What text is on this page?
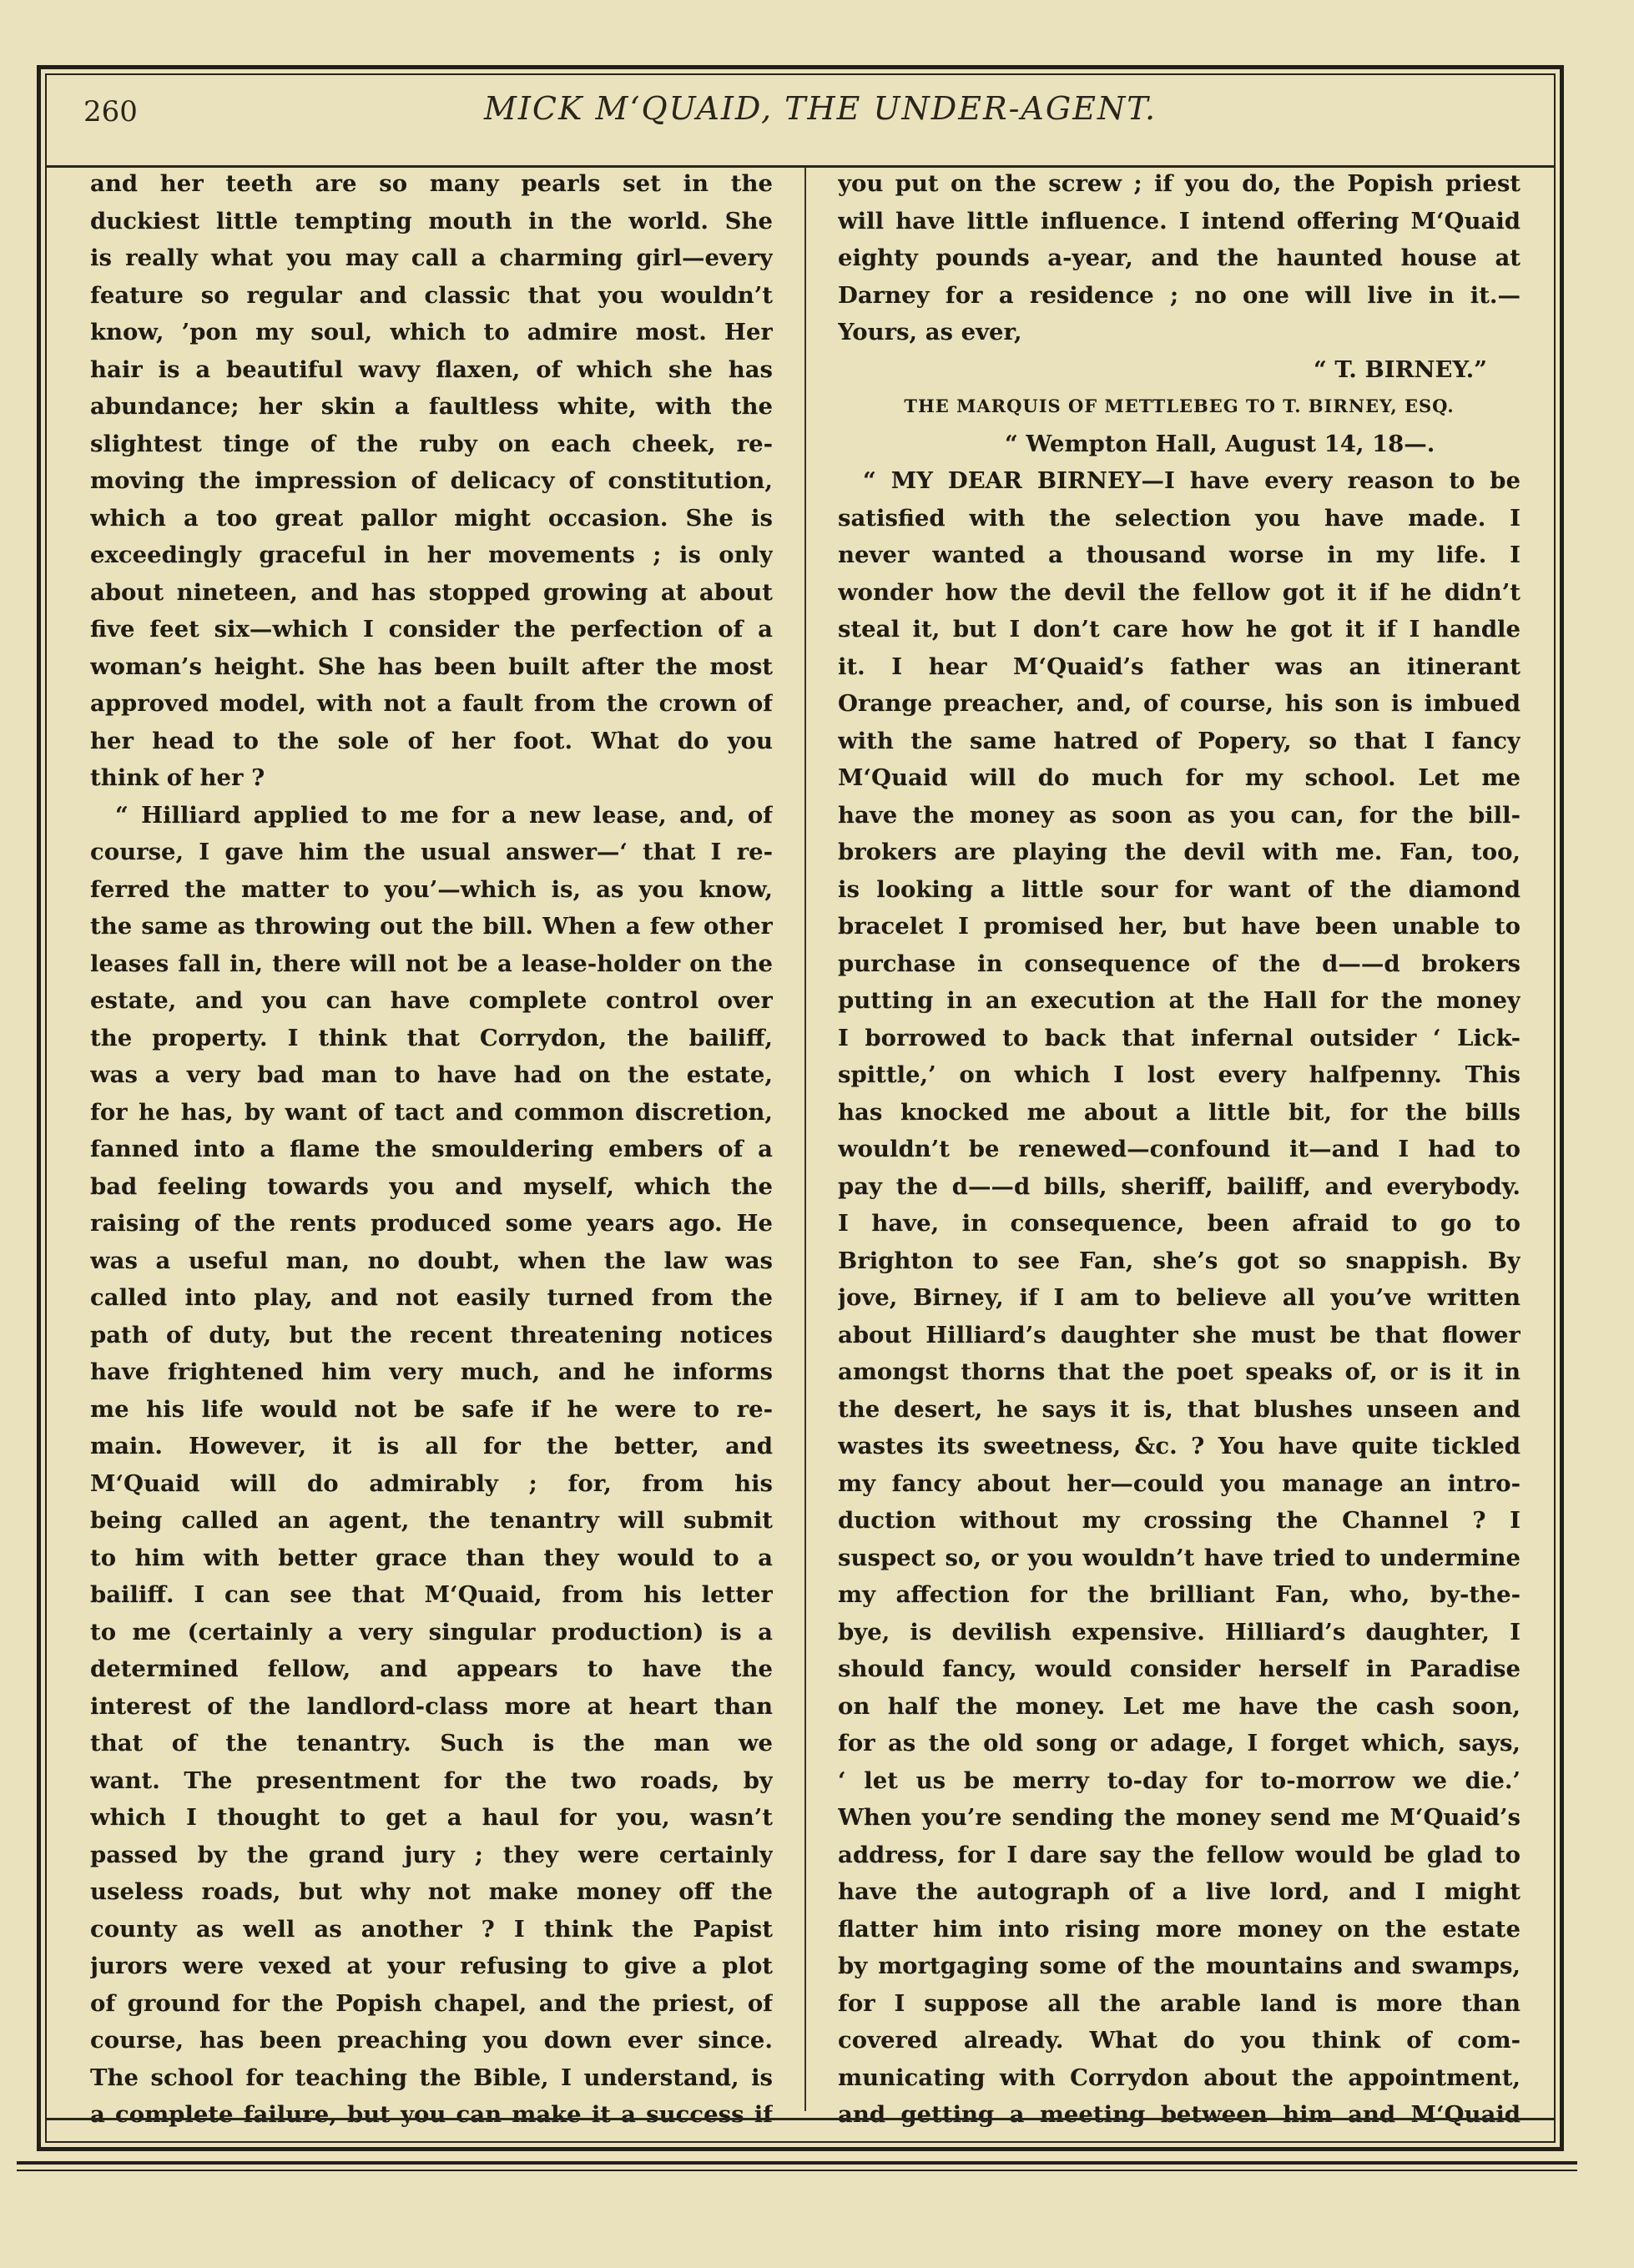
260	MICK M‘QUAID, THE UNDER-AGENT.
and her teeth are so many pearls set in the
duckiest little tempting mouth in the world. She
is really what you may call a charming girl—every
feature so regular and classic that you wouldn’t
know, ’pon my soul, which to admire most. Her
hair is a beautiful wavy flaxen, of which she has
abundance; her skin a faultless white, with the
slightest tinge of the ruby on each cheek, re-
moving the impression of delicacy of constitution,
which a too great pallor might occasion. She is
exceedingly graceful in her movements ; is only
about nineteen, and has stopped growing at about
five feet six—which I consider the perfection of a
woman’s height. She has been built after the most
approved model, with not a fault from the crown of
her head to the sole of her foot. What do you
think of her ?
“ Hilliard applied to me for a new lease, and, of
course, I gave him the usual answer—‘ that I re-
ferred the matter to you’—which is, as you know,
the same as throwing out the bill. When a few other
leases fall in, there will not be a lease-holder on the
estate, and you can have complete control over
the property. I think that Corrydon, the bailiff,
was a very bad man to have had on the estate,
for he has, by want of tact and common discretion,
fanned into a flame the smouldering embers of a
bad feeling towards you and myself, which the
raising of the rents produced some years ago. He
was a useful man, no doubt, when the law was
called into play, and not easily turned from the
path of duty, but the recent threatening notices
have frightened him very much, and he informs
me his life would not be safe if he were to re-
main. However, it is all for the better, and
M‘Quaid will do admirably ; for, from his
being called an agent, the tenantry will submit
to him with better grace than they would to a
bailiff. I can see that M‘Quaid, from his letter
to me (certainly a very singular production) is a
determined fellow, and appears to have the
interest of the landlord-class more at heart than
that of the tenantry. Such is the man we
want. The presentment for the two roads, by
which I thought to get a haul for you, wasn’t
passed by the grand jury ; they were certainly
useless roads, but why not make money off the
county as well as another ? I think the Papist
jurors were vexed at your refusing to give a plot
of ground for the Popish chapel, and the priest, of
course, has been preaching you down ever since.
The school for teaching the Bible, I understand, is
a complete failure, but you can make it a success if
you put on the screw ; if you do, the Popish priest
will have little influence. I intend offering M‘Quaid
eighty pounds a-year, and the haunted house at
Darney for a residence ; no one will live in it.—
Yours, as ever,
“ T. BIRNEY.”
THE MARQUIS OF METTLEBEG TO T. BIRNEY, ESQ.
“ Wempton Hall, August 14, 18—.
“ MY DEAR BIRNEY—I have every reason to be
satisfied with the selection you have made. I
never wanted a thousand worse in my life. I
wonder how the devil the fellow got it if he didn’t
steal it, but I don’t care how he got it if I handle
it. I hear M‘Quaid’s father was an itinerant
Orange preacher, and, of course, his son is imbued
with the same hatred of Popery, so that I fancy
M‘Quaid will do much for my school. Let me
have the money as soon as you can, for the bill-
brokers are playing the devil with me. Fan, too,
is looking a little sour for want of the diamond
bracelet I promised her, but have been unable to
purchase in consequence of the d——d brokers
putting in an execution at the Hall for the money
I borrowed to back that infernal outsider ‘ Lick-
spittle,’ on which I lost every halfpenny. This
has knocked me about a little bit, for the bills
wouldn’t be renewed—confound it—and I had to
pay the d——d bills, sheriff, bailiff, and everybody.
I have, in consequence, been afraid to go to
Brighton to see Fan, she’s got so snappish. By
jove, Birney, if I am to believe all you’ve written
about Hilliard’s daughter she must be that flower
amongst thorns that the poet speaks of, or is it in
the desert, he says it is, that blushes unseen and
wastes its sweetness, &c. ? You have quite tickled
my fancy about her—could you manage an intro-
duction without my crossing the Channel ? I
suspect so, or you wouldn’t have tried to undermine
my affection for the brilliant Fan, who, by-the-
bye, is devilish expensive. Hilliard’s daughter, I
should fancy, would consider herself in Paradise
on half the money. Let me have the cash soon,
for as the old song or adage, I forget which, says,
‘ let us be merry to-day for to-morrow we die.’
When you’re sending the money send me M‘Quaid’s
address, for I dare say the fellow would be glad to
have the autograph of a live lord, and I might
flatter him into rising more money on the estate
by mortgaging some of the mountains and swamps,
for I suppose all the arable land is more than
covered already. What do you think of com-
municating with Corrydon about the appointment,
and getting a meeting between him and M‘Quaid
